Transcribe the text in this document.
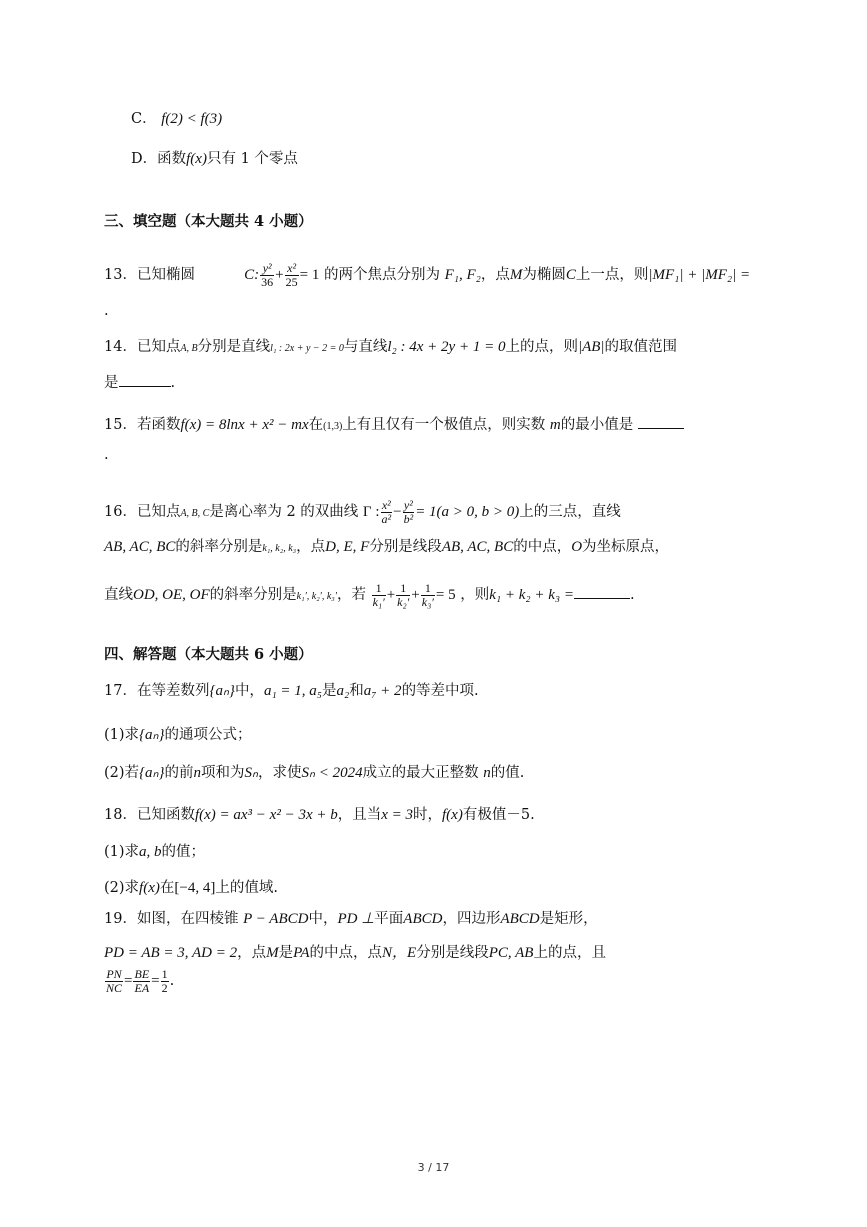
C． f(2) < f(3)
D．函数f(x)只有 1 个零点
三、填空题（本大题共 4 小题）
13．已知椭圆	C: $\frac{\text{y²}}{36} + \frac{\text{x²}}{25} = 1$ 的两个焦点分别为 F₁, F₂，点M为椭圆C上一点，则|MF₁| + |MF₂| =
.
14．已知点A, B分别是直线l₁ : 2x + y − 2 = 0与直线l₂ : 4x + 2y + 1 = 0上的点，则|AB|的取值范围
是	.
15．若函数f(x) = 8lnx + x² − mx在(1,3)上有且仅有一个极值点，则实数 m的最小值是
.
16．已知点A, B, C是离心率为 2 的双曲线 Γ : $\frac{\text{x²}}{\text{a²}} - \frac{\text{y²}}{\text{b²}} = 1(a > 0$, b > 0)上的三点，直线
AB, AC, BC的斜率分别是k₁, k₂, k₃，点D, E, F分别是线段AB, AC, BC的中点，O为坐标原点，
直线OD, OE, OF的斜率分别是k₁′, k₂′, k₃′，若 $\frac{1}{\text{k₁′}} + \frac{1}{\text{k₂′}} + \frac{1}{\text{k₃′}} = 5$ ，则k₁ + k₂ + k₃ =	.
四、解答题（本大题共 6 小题）
17．在等差数列{aₙ}中，a₁ = 1, a₅是a₂和a₇ + 2的等差中项.
(1)求{aₙ}的通项公式；
(2)若{aₙ}的前n项和为Sₙ，求使Sₙ < 2024成立的最大正整数 n的值.
18．已知函数f(x) = ax³ − x² − 3x + b，且当x = 3时，f(x)有极值－5.
(1)求a, b的值；
(2)求f(x)在[−4, 4]上的值域.
19．如图，在四棱锥 P − ABCD中，PD ⊥平面ABCD，四边形ABCD是矩形，
PD = AB = 3, AD = 2，点M是PA的中点，点N，E分别是线段PC, AB上的点，且
$\frac{PN}{NC} = \frac{BE}{EA} = \frac{1}{2}$ .
3 / 17
